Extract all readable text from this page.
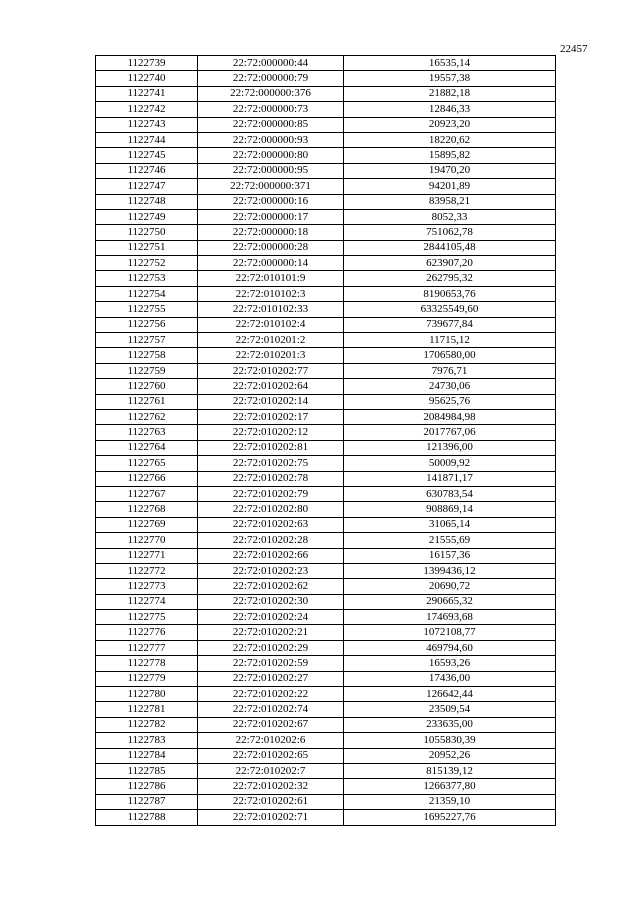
22457
1122739	22:72:000000:44	16535,14
1122740	22:72:000000:79	19557,38
1122741	22:72:000000:376	21882,18
1122742	22:72:000000:73	12846,33
1122743	22:72:000000:85	20923,20
1122744	22:72:000000:93	18220,62
1122745	22:72:000000:80	15895,82
1122746	22:72:000000:95	19470,20
1122747	22:72:000000:371	94201,89
1122748	22:72:000000:16	83958,21
1122749	22:72:000000:17	8052,33
1122750	22:72:000000:18	751062,78
1122751	22:72:000000:28	2844105,48
1122752	22:72:000000:14	623907,20
1122753	22:72:010101:9	262795,32
1122754	22:72:010102:3	8190653,76
1122755	22:72:010102:33	63325549,60
1122756	22:72:010102:4	739677,84
1122757	22:72:010201:2	11715,12
1122758	22:72:010201:3	1706580,00
1122759	22:72:010202:77	7976,71
1122760	22:72:010202:64	24730,06
1122761	22:72:010202:14	95625,76
1122762	22:72:010202:17	2084984,98
1122763	22:72:010202:12	2017767,06
1122764	22:72:010202:81	121396,00
1122765	22:72:010202:75	50009,92
1122766	22:72:010202:78	141871,17
1122767	22:72:010202:79	630783,54
1122768	22:72:010202:80	908869,14
1122769	22:72:010202:63	31065,14
1122770	22:72:010202:28	21555,69
1122771	22:72:010202:66	16157,36
1122772	22:72:010202:23	1399436,12
1122773	22:72:010202:62	20690,72
1122774	22:72:010202:30	290665,32
1122775	22:72:010202:24	174693,68
1122776	22:72:010202:21	1072108,77
1122777	22:72:010202:29	469794,60
1122778	22:72:010202:59	16593,26
1122779	22:72:010202:27	17436,00
1122780	22:72:010202:22	126642,44
1122781	22:72:010202:74	23509,54
1122782	22:72:010202:67	233635,00
1122783	22:72:010202:6	1055830,39
1122784	22:72:010202:65	20952,26
1122785	22:72:010202:7	815139,12
1122786	22:72:010202:32	1266377,80
1122787	22:72:010202:61	21359,10
1122788	22:72:010202:71	1695227,76
